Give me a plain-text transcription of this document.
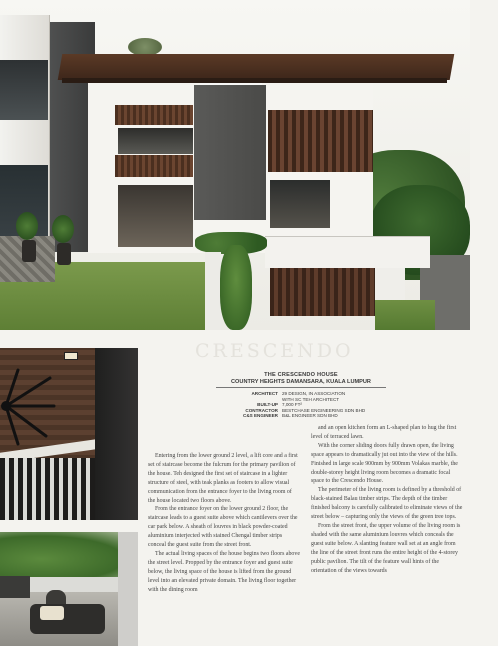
CRESCENDO
THE CRESCENDO HOUSE
COUNTRY HEIGHTS DAMANSARA, KUALA LUMPUR
ARCHITECT	29 DESIGN, IN ASSOCIATION
	WITH SC TEH ARCHITECT
BUILT-UP	7,000 FT²
CONTRACTOR	BESTCHASE ENGINEERING SDN BHD
C&S ENGINEER	B&L ENGINEER SDN BHD

Entering from the lower ground 2 level, a lift core and a first set of staircase become the fulcrum for the primary pavilion of the house. Teh designed the first set of staircase in a lighter structure of steel, with teak planks as footers to allow visual communication from the entrance foyer to the living room of the house located two floors above.

From the entrance foyer on the lower ground 2 floor, the staircase leads to a guest suite above which cantilevers over the car park below. A sheath of louvres in black powder-coated aluminium interjected with stained Chengal timber strips conceal the guest suite from the street front.

The actual living spaces of the house begins two floors above the street level. Propped by the entrance foyer and guest suite below, the living space of the house is lifted from the ground level into an elevated private domain. The living floor together with the dining room

and an open kitchen form an L-shaped plan to hug the first level of terraced lawn.

With the corner sliding doors fully drawn open, the living space appears to dramatically jut out into the view of the hills. Finished in large scale 900mm by 900mm Volakas marble, the double-storey height living room becomes a dramatic focal space to the Crescendo House.

The perimeter of the living room is defined by a threshold of black-stained Balau timber strips. The depth of the timber finished balcony is carefully calibrated to eliminate views of the street below – capturing only the views of the green tree tops.

From the street front, the upper volume of the living room is shaded with the same aluminium louvres which conceals the guest suite below. A slanting feature wall set at an angle from the line of the street front runs the entire height of the 4-storey public pavilion. The tilt of the feature wall hints of the orientation of the views towards
